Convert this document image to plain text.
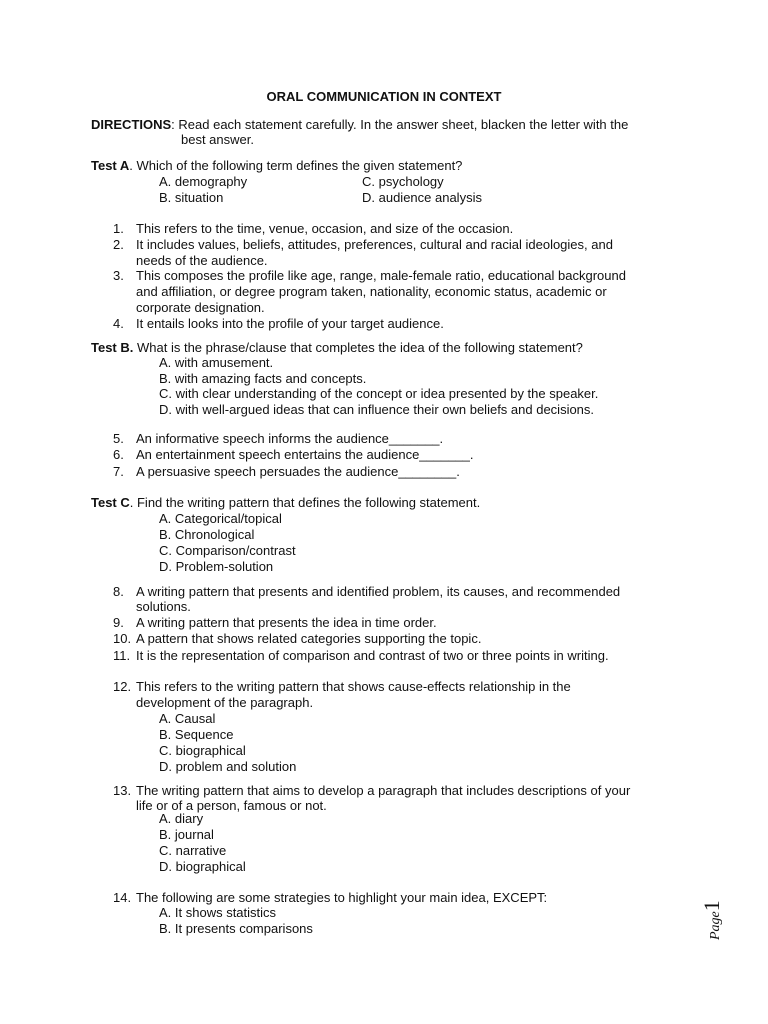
ORAL COMMUNICATION IN CONTEXT
DIRECTIONS: Read each statement carefully. In the answer sheet, blacken the letter with the
best answer.
Test A. Which of the following term defines the given statement?
A. demography	C. psychology
B. situation	D. audience analysis
1. This refers to the time, venue, occasion, and size of the occasion.
2. It includes values, beliefs, attitudes, preferences, cultural and racial ideologies, and
needs of the audience.
3. This composes the profile like age, range, male-female ratio, educational background
and affiliation, or degree program taken, nationality, economic status, academic or
corporate designation.
4. It entails looks into the profile of your target audience.
Test B. What is the phrase/clause that completes the idea of the following statement?
A. with amusement.
B. with amazing facts and concepts.
C. with clear understanding of the concept or idea presented by the speaker.
D. with well-argued ideas that can influence their own beliefs and decisions.
5. An informative speech informs the audience_______.
6. An entertainment speech entertains the audience_______.
7. A persuasive speech persuades the audience________.
Test C. Find the writing pattern that defines the following statement.
A. Categorical/topical
B. Chronological
C. Comparison/contrast
D. Problem-solution
8. A writing pattern that presents and identified problem, its causes, and recommended
solutions.
9. A writing pattern that presents the idea in time order.
10. A pattern that shows related categories supporting the topic.
11. It is the representation of comparison and contrast of two or three points in writing.
12. This refers to the writing pattern that shows cause-effects relationship in the
development of the paragraph.
A. Causal
B. Sequence
C. biographical
D. problem and solution
13. The writing pattern that aims to develop a paragraph that includes descriptions of your
life or of a person, famous or not.
A. diary
B. journal
C. narrative
D. biographical
14. The following are some strategies to highlight your main idea, EXCEPT:
A. It shows statistics
B. It presents comparisons	Page1
